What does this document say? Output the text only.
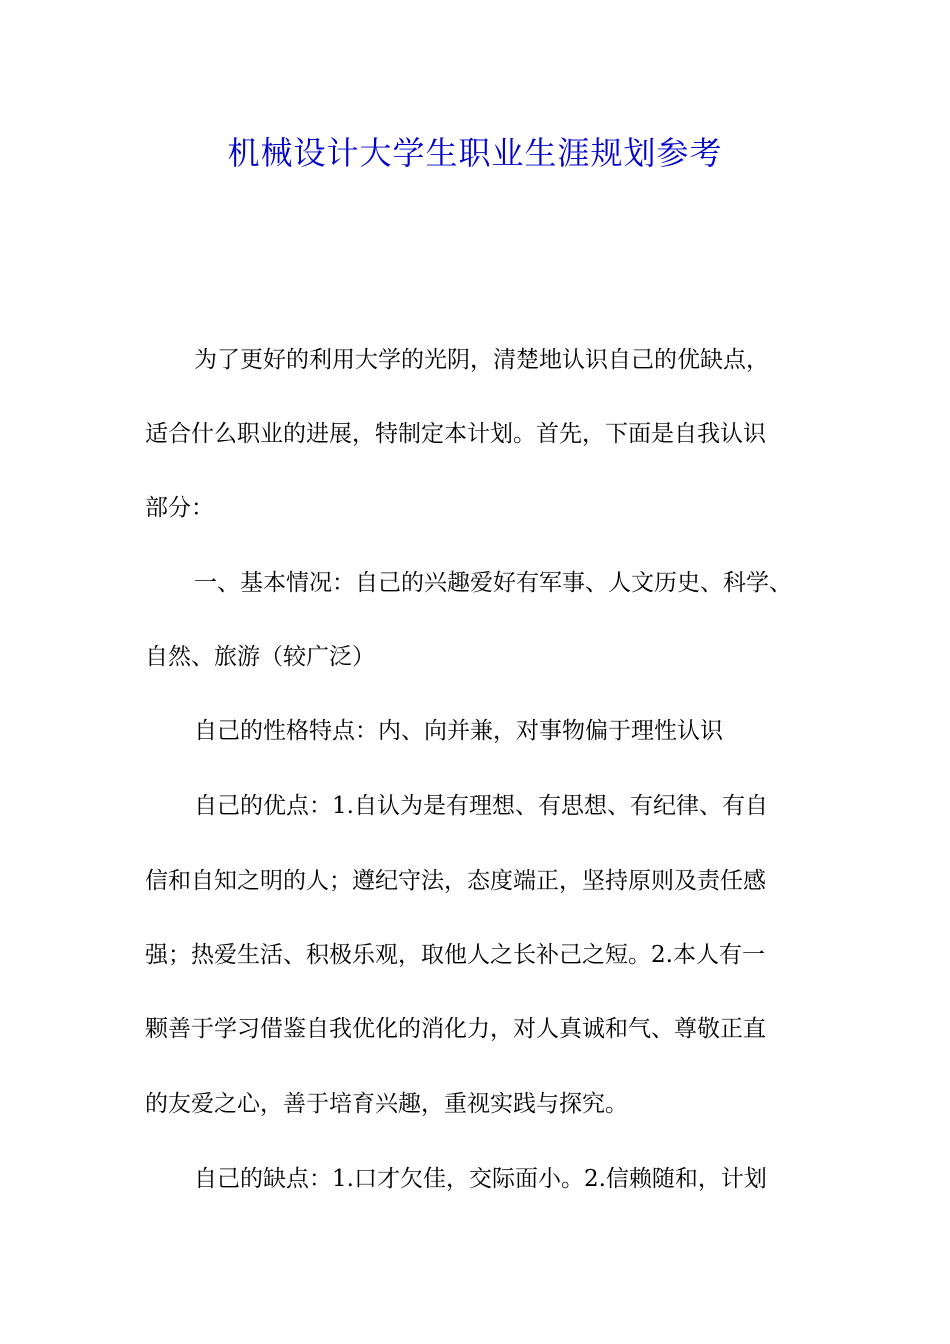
机械设计大学生职业生涯规划参考
为了更好的利用大学的光阴，清楚地认识自己的优缺点，
适合什么职业的进展，特制定本计划。首先，下面是自我认识
部分：
一、基本情况：自己的兴趣爱好有军事、人文历史、科学、
自然、旅游（较广泛）
自己的性格特点：内、向并兼，对事物偏于理性认识
自己的优点：1.自认为是有理想、有思想、有纪律、有自
信和自知之明的人；遵纪守法，态度端正，坚持原则及责任感
强；热爱生活、积极乐观，取他人之长补己之短。2.本人有一
颗善于学习借鉴自我优化的消化力，对人真诚和气、尊敬正直
的友爱之心，善于培育兴趣，重视实践与探究。
自己的缺点：1.口才欠佳，交际面小。2.信赖随和，计划
